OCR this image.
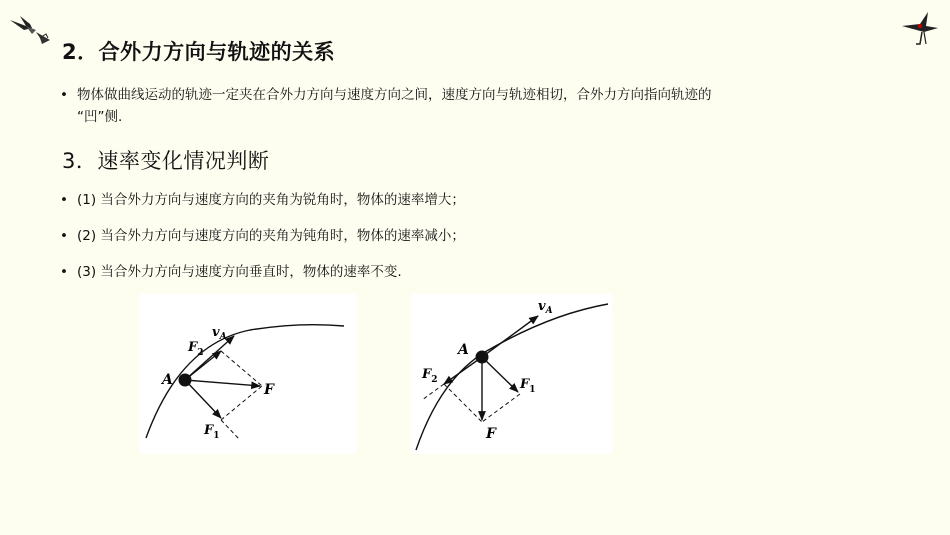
2．合外力方向与轨迹的关系
• 物体做曲线运动的轨迹一定夹在合外力方向与速度方向之间，速度方向与轨迹相切，合外力方向指向轨迹的
“凹”侧.
3．速率变化情况判断
• (1) 当合外力方向与速度方向的夹角为锐角时，物体的速率增大；
• (2) 当合外力方向与速度方向的夹角为钝角时，物体的速率减小；
• (3) 当合外力方向与速度方向垂直时，物体的速率不变.
A
$v_A$
$F_2$
F
$F_1$
A
$v_A$
$F_2$
F
$F_1$
